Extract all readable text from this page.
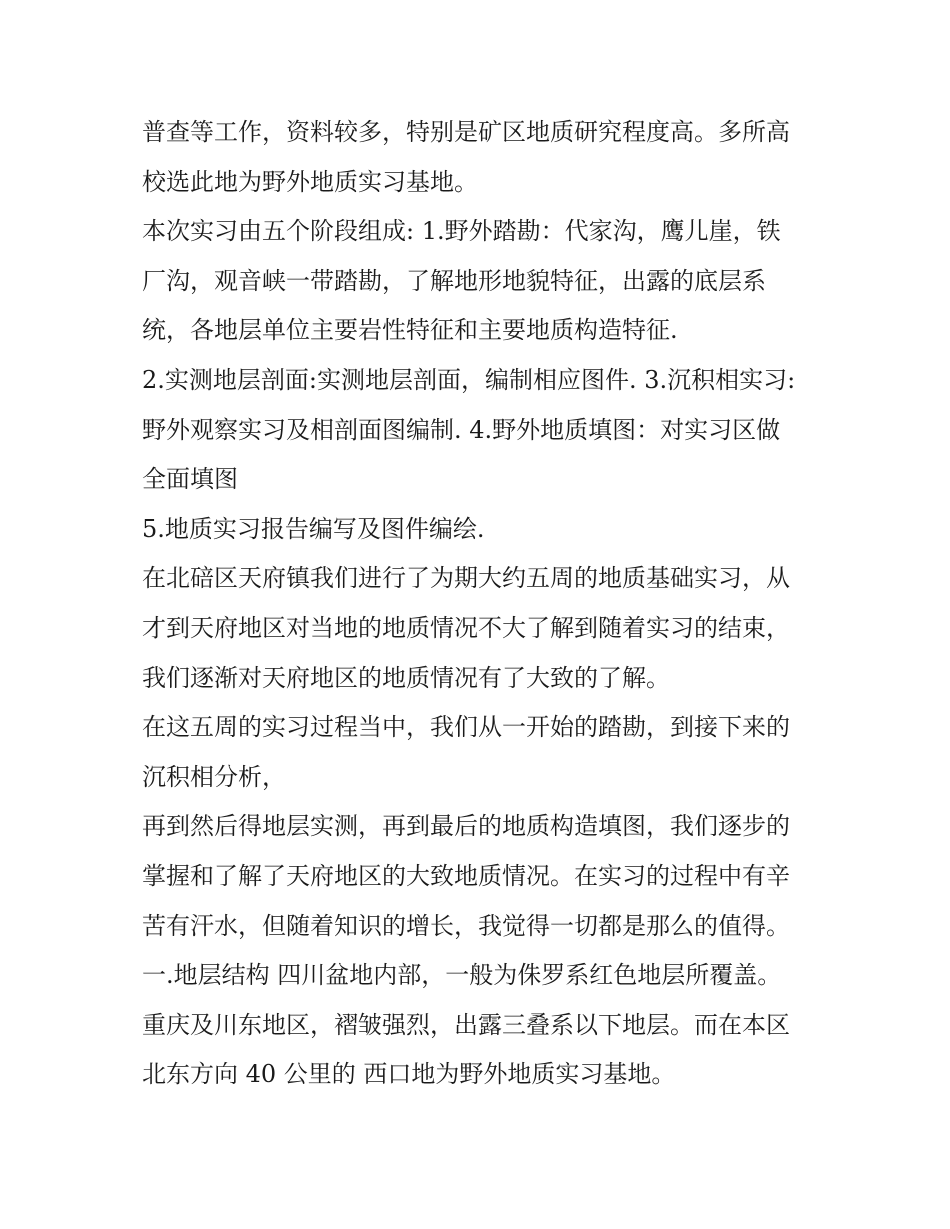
普查等工作，资料较多，特别是矿区地质研究程度高。多所高
校选此地为野外地质实习基地。
本次实习由五个阶段组成: 1.野外踏勘：代家沟，鹰儿崖，铁
厂沟，观音峡一带踏勘，了解地形地貌特征，出露的底层系
统，各地层单位主要岩性特征和主要地质构造特征.
2.实测地层剖面:实测地层剖面，编制相应图件. 3.沉积相实习:
野外观察实习及相剖面图编制. 4.野外地质填图：对实习区做
全面填图
5.地质实习报告编写及图件编绘.
在北碚区天府镇我们进行了为期大约五周的地质基础实习，从
才到天府地区对当地的地质情况不大了解到随着实习的结束，
我们逐渐对天府地区的地质情况有了大致的了解。
在这五周的实习过程当中，我们从一开始的踏勘，到接下来的
沉积相分析，
再到然后得地层实测，再到最后的地质构造填图，我们逐步的
掌握和了解了天府地区的大致地质情况。在实习的过程中有辛
苦有汗水，但随着知识的增长，我觉得一切都是那么的值得。
一.地层结构 四川盆地内部，一般为侏罗系红色地层所覆盖。
重庆及川东地区，褶皱强烈，出露三叠系以下地层。而在本区
北东方向 40 公里的 西口地为野外地质实习基地。
